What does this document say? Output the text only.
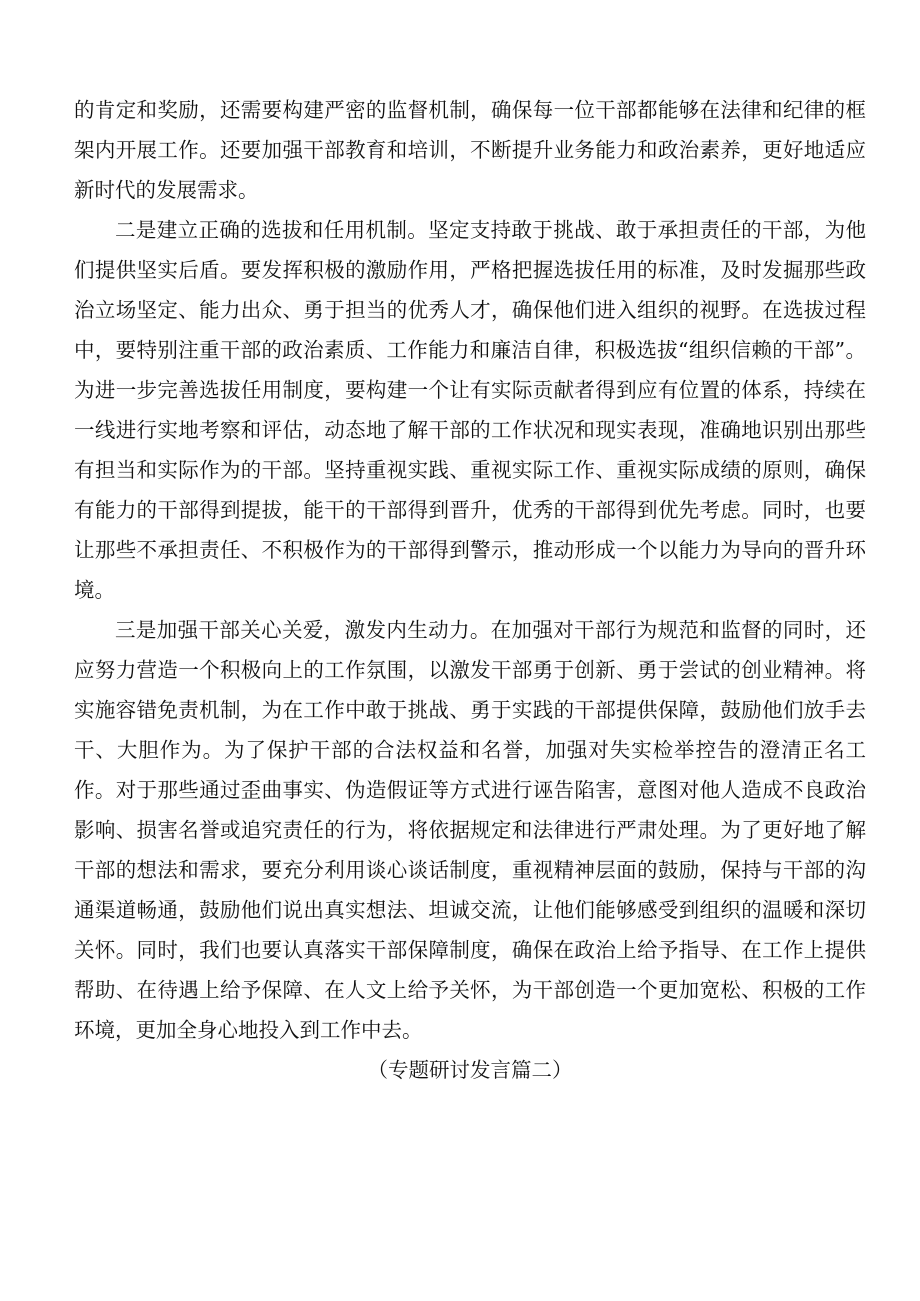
的肯定和奖励，还需要构建严密的监督机制，确保每一位干部都能够在法律和纪律的框架内开展工作。还要加强干部教育和培训，不断提升业务能力和政治素养，更好地适应新时代的发展需求。

二是建立正确的选拔和任用机制。坚定支持敢于挑战、敢于承担责任的干部，为他们提供坚实后盾。要发挥积极的激励作用，严格把握选拔任用的标准，及时发掘那些政治立场坚定、能力出众、勇于担当的优秀人才，确保他们进入组织的视野。在选拔过程中，要特别注重干部的政治素质、工作能力和廉洁自律，积极选拔“组织信赖的干部”。为进一步完善选拔任用制度，要构建一个让有实际贡献者得到应有位置的体系，持续在一线进行实地考察和评估，动态地了解干部的工作状况和现实表现，准确地识别出那些有担当和实际作为的干部。坚持重视实践、重视实际工作、重视实际成绩的原则，确保有能力的干部得到提拔，能干的干部得到晋升，优秀的干部得到优先考虑。同时，也要让那些不承担责任、不积极作为的干部得到警示，推动形成一个以能力为导向的晋升环境。

三是加强干部关心关爱，激发内生动力。在加强对干部行为规范和监督的同时，还应努力营造一个积极向上的工作氛围，以激发干部勇于创新、勇于尝试的创业精神。将实施容错免责机制，为在工作中敢于挑战、勇于实践的干部提供保障，鼓励他们放手去干、大胆作为。为了保护干部的合法权益和名誉，加强对失实检举控告的澄清正名工作。对于那些通过歪曲事实、伪造假证等方式进行诬告陷害，意图对他人造成不良政治影响、损害名誉或追究责任的行为，将依据规定和法律进行严肃处理。为了更好地了解干部的想法和需求，要充分利用谈心谈话制度，重视精神层面的鼓励，保持与干部的沟通渠道畅通，鼓励他们说出真实想法、坦诚交流，让他们能够感受到组织的温暖和深切关怀。同时，我们也要认真落实干部保障制度，确保在政治上给予指导、在工作上提供帮助、在待遇上给予保障、在人文上给予关怀，为干部创造一个更加宽松、积极的工作环境，更加全身心地投入到工作中去。

（专题研讨发言篇二）
